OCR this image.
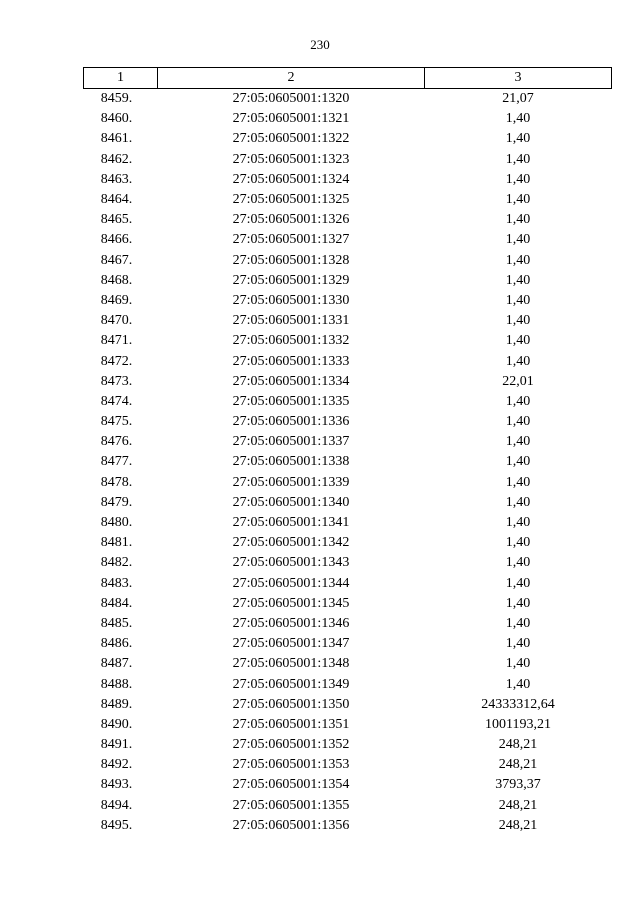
230
1	2	3
8459.	27:05:0605001:1320	21,07
8460.	27:05:0605001:1321	1,40
8461.	27:05:0605001:1322	1,40
8462.	27:05:0605001:1323	1,40
8463.	27:05:0605001:1324	1,40
8464.	27:05:0605001:1325	1,40
8465.	27:05:0605001:1326	1,40
8466.	27:05:0605001:1327	1,40
8467.	27:05:0605001:1328	1,40
8468.	27:05:0605001:1329	1,40
8469.	27:05:0605001:1330	1,40
8470.	27:05:0605001:1331	1,40
8471.	27:05:0605001:1332	1,40
8472.	27:05:0605001:1333	1,40
8473.	27:05:0605001:1334	22,01
8474.	27:05:0605001:1335	1,40
8475.	27:05:0605001:1336	1,40
8476.	27:05:0605001:1337	1,40
8477.	27:05:0605001:1338	1,40
8478.	27:05:0605001:1339	1,40
8479.	27:05:0605001:1340	1,40
8480.	27:05:0605001:1341	1,40
8481.	27:05:0605001:1342	1,40
8482.	27:05:0605001:1343	1,40
8483.	27:05:0605001:1344	1,40
8484.	27:05:0605001:1345	1,40
8485.	27:05:0605001:1346	1,40
8486.	27:05:0605001:1347	1,40
8487.	27:05:0605001:1348	1,40
8488.	27:05:0605001:1349	1,40
8489.	27:05:0605001:1350	24333312,64
8490.	27:05:0605001:1351	1001193,21
8491.	27:05:0605001:1352	248,21
8492.	27:05:0605001:1353	248,21
8493.	27:05:0605001:1354	3793,37
8494.	27:05:0605001:1355	248,21
8495.	27:05:0605001:1356	248,21
